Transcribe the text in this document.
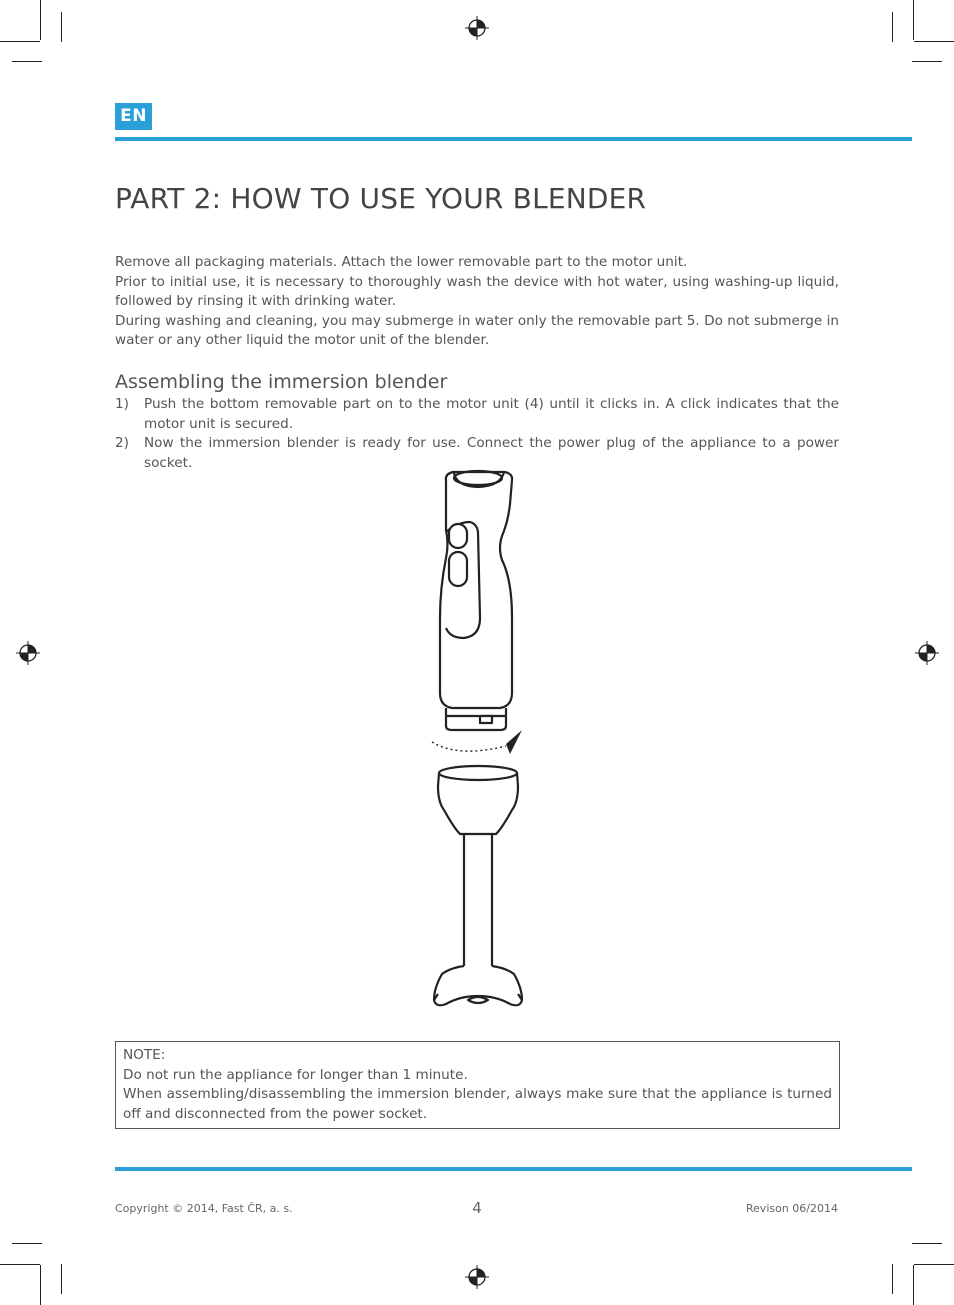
EN
PART 2: HOW TO USE YOUR BLENDER

Remove all packaging materials. Attach the lower removable part to the motor unit.

Prior to initial use, it is necessary to thoroughly wash the device with hot water, using washing-up liquid, followed by rinsing it with drinking water.

During washing and cleaning, you may submerge in water only the removable part 5. Do not submerge in water or any other liquid the motor unit of the blender.

Assembling the immersion blender
1) Push the bottom removable part on to the motor unit (4) until it clicks in. A click indicates that the motor unit is secured.
2) Now the immersion blender is ready for use. Connect the power plug of the appliance to a power socket.

NOTE:

Do not run the appliance for longer than 1 minute.

When assembling/disassembling the immersion blender, always make sure that the appliance is turned off and disconnected from the power socket.

Copyright © 2014, Fast ČR, a. s.	4	Revison 06/2014
